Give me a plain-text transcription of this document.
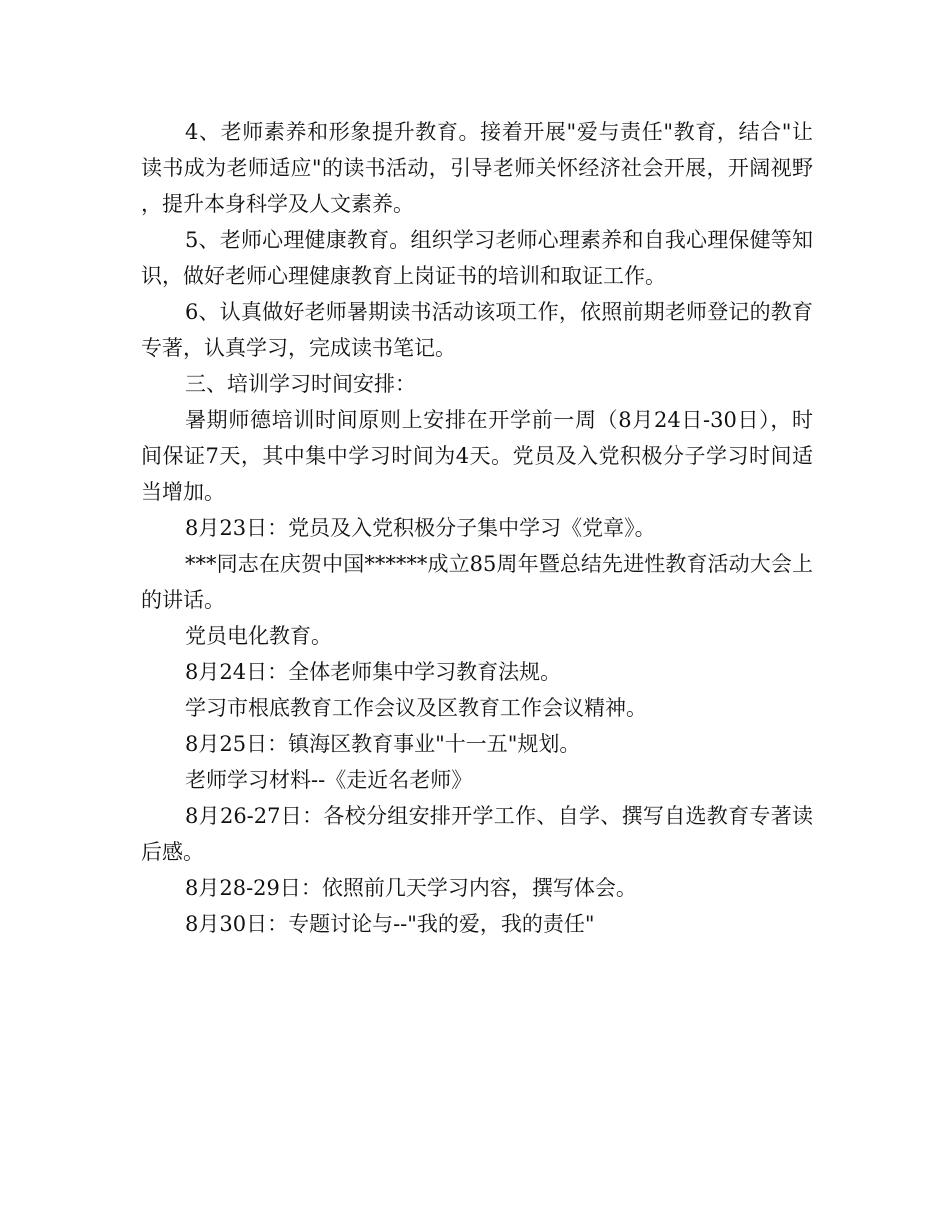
4、老师素养和形象提升教育。接着开展"爱与责任"教育，结合"让读书成为老师适应"的读书活动，引导老师关怀经济社会开展，开阔视野，提升本身科学及人文素养。

5、老师心理健康教育。组织学习老师心理素养和自我心理保健等知识，做好老师心理健康教育上岗证书的培训和取证工作。

6、认真做好老师暑期读书活动该项工作，依照前期老师登记的教育专著，认真学习，完成读书笔记。

三、培训学习时间安排：

暑期师德培训时间原则上安排在开学前一周（8月24日-30日），时间保证7天，其中集中学习时间为4天。党员及入党积极分子学习时间适当增加。

8月23日：党员及入党积极分子集中学习《党章》。

***同志在庆贺中国******成立85周年暨总结先进性教育活动大会上的讲话。

党员电化教育。

8月24日：全体老师集中学习教育法规。

学习市根底教育工作会议及区教育工作会议精神。

8月25日：镇海区教育事业"十一五"规划。

老师学习材料--《走近名老师》

8月26-27日：各校分组安排开学工作、自学、撰写自选教育专著读后感。

8月28-29日：依照前几天学习内容，撰写体会。

8月30日：专题讨论与--"我的爱，我的责任"
